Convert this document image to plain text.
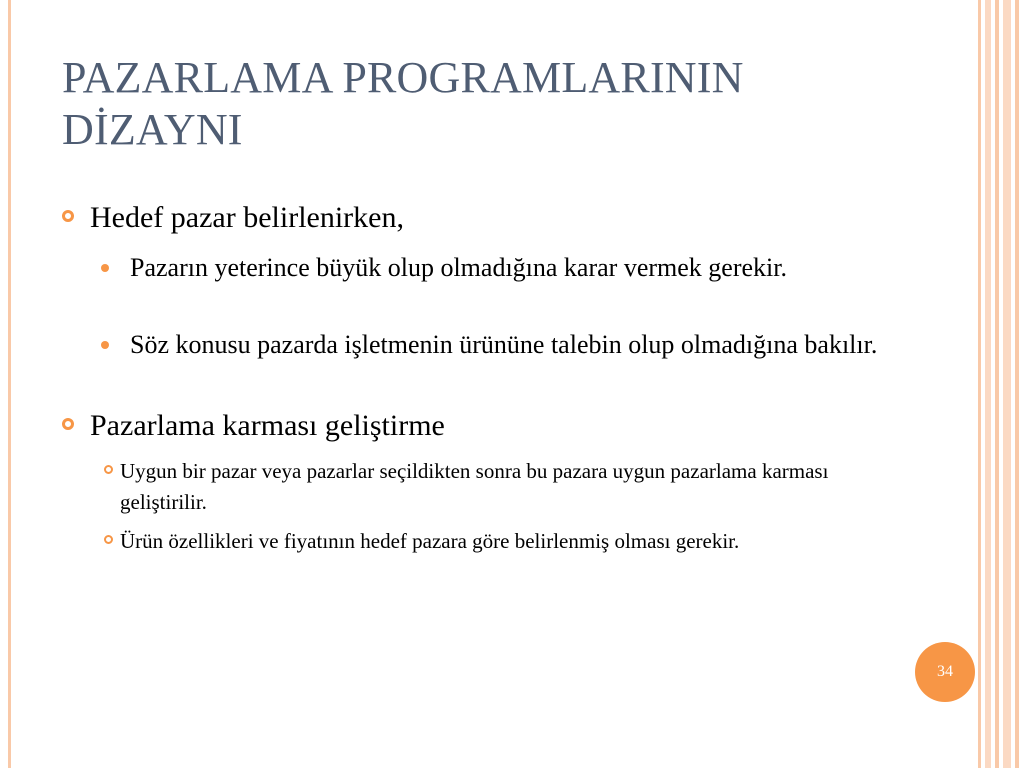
PAZARLAMA PROGRAMLARININ DİZAYNI
Hedef pazar belirlenirken,
Pazarın yeterince büyük olup olmadığına karar vermek gerekir.
Söz konusu pazarda işletmenin ürününe talebin olup olmadığına bakılır.
Pazarlama karması geliştirme
Uygun bir pazar veya pazarlar seçildikten sonra bu pazara uygun pazarlama karması geliştirilir.
Ürün özellikleri ve fiyatının hedef pazara göre belirlenmiş olması gerekir.
34
